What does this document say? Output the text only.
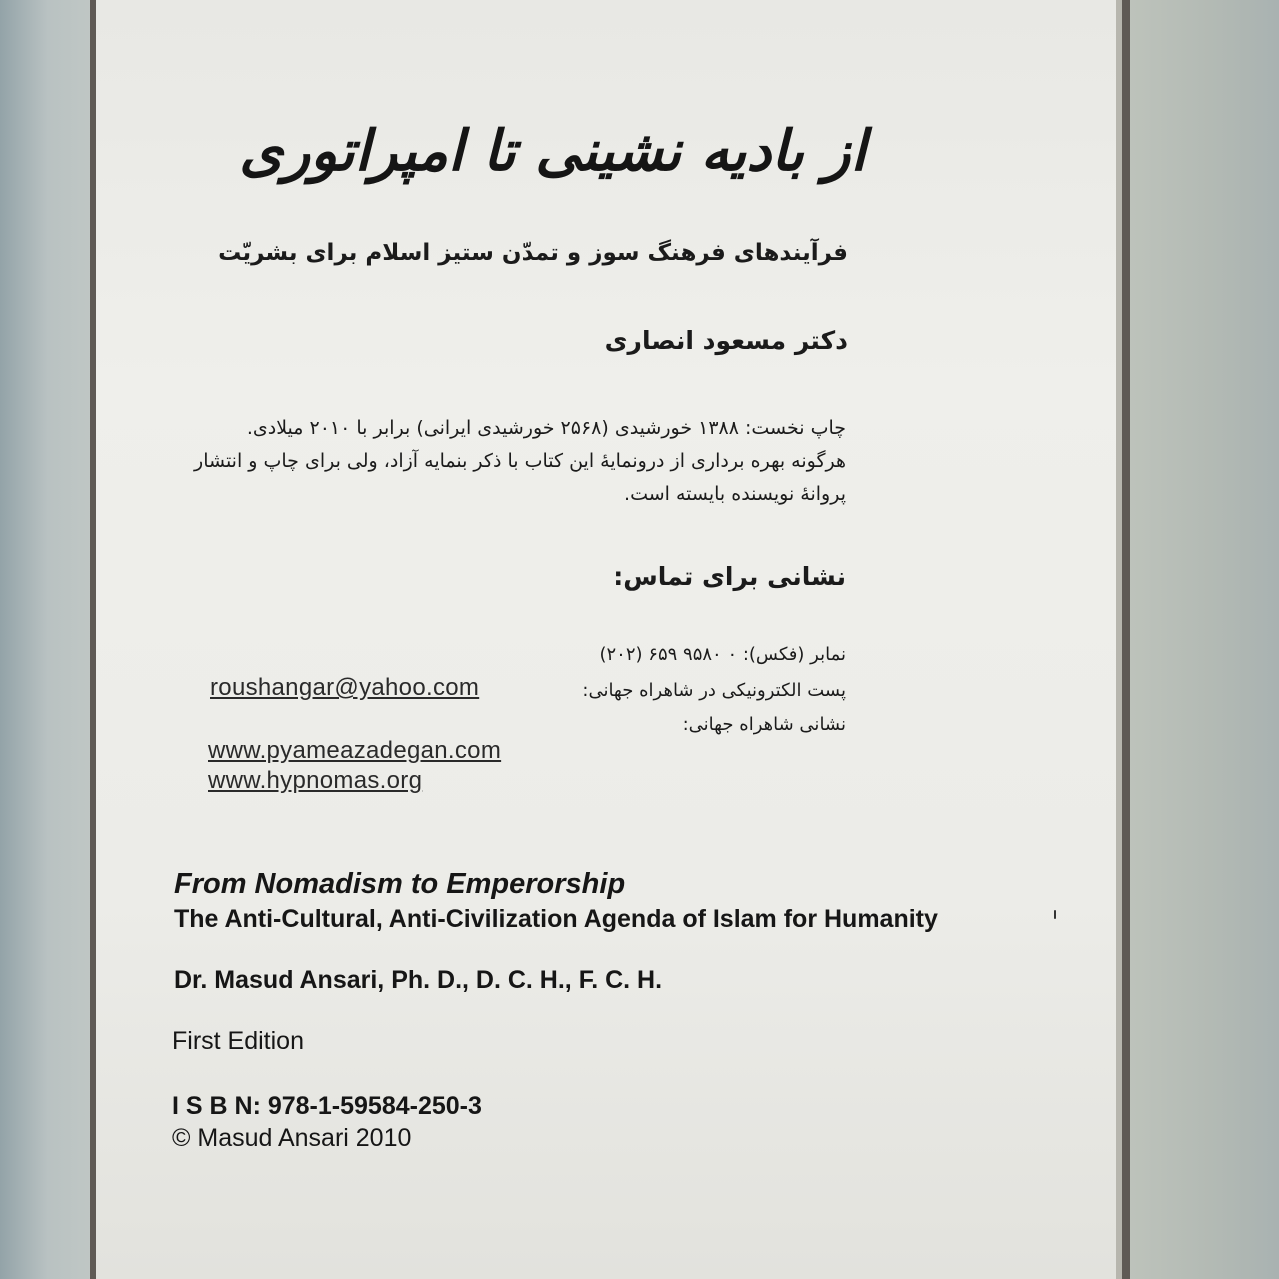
از بادیه نشینی تا امپراتوری
فرآیندهای فرهنگ سوز و تمدّن ستیز اسلام برای بشریّت
دکتر مسعود انصاری
چاپ نخست: ۱۳۸۸ خورشیدی (۲۵۶۸ خورشیدی ایرانی) برابر با ۲۰۱۰ میلادی.
هرگونه بهره برداری از درونمایهٔ این کتاب با ذکر بنمایه آزاد، ولی برای چاپ و انتشار پروانهٔ نویسنده بایسته است.
نشانی برای تماس:
نمابر (فکس): ۰ ۹۵۸۰ ۶۵۹ (۲۰۲)
پست الکترونیکی در شاهراه جهانی:
نشانی شاهراه جهانی:
roushangar@yahoo.com
www.pyameazadegan.com
www.hypnomas.org
From Nomadism to Emperorship
The Anti-Cultural, Anti-Civilization Agenda of Islam for Humanity
Dr. Masud Ansari, Ph. D., D. C. H., F. C. H.
First Edition
I S B N: 978-1-59584-250-3
© Masud Ansari 2010
